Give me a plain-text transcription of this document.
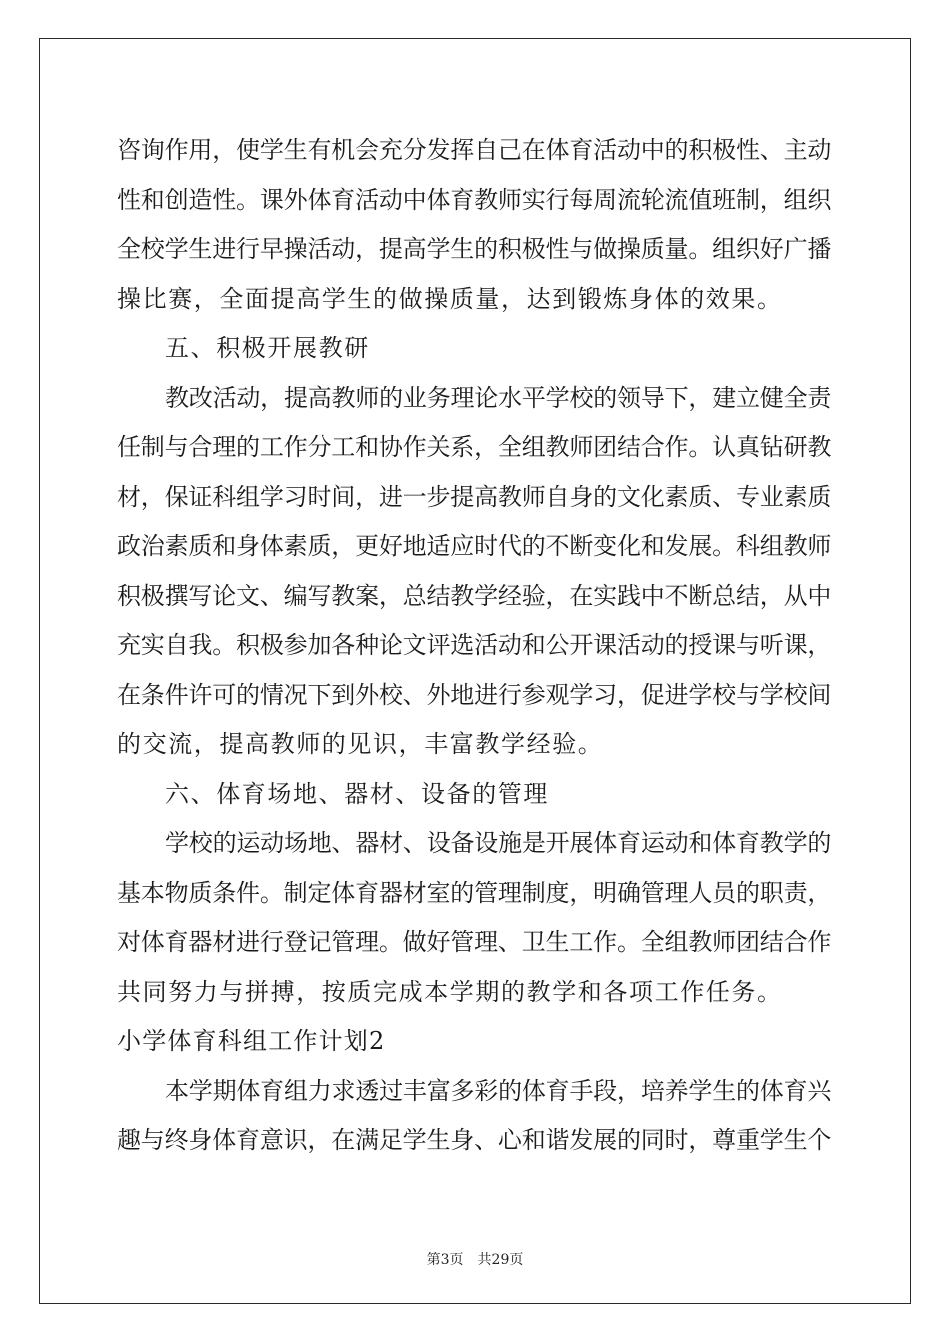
咨询作用，使学生有机会充分发挥自己在体育活动中的积极性、主动
性和创造性。课外体育活动中体育教师实行每周流轮流值班制，组织
全校学生进行早操活动，提高学生的积极性与做操质量。组织好广播
操比赛，全面提高学生的做操质量，达到锻炼身体的效果。
五、积极开展教研
教改活动，提高教师的业务理论水平学校的领导下，建立健全责
任制与合理的工作分工和协作关系，全组教师团结合作。认真钻研教
材，保证科组学习时间，进一步提高教师自身的文化素质、专业素质
政治素质和身体素质，更好地适应时代的不断变化和发展。科组教师
积极撰写论文、编写教案，总结教学经验，在实践中不断总结，从中
充实自我。积极参加各种论文评选活动和公开课活动的授课与听课，
在条件许可的情况下到外校、外地进行参观学习，促进学校与学校间
的交流，提高教师的见识，丰富教学经验。
六、体育场地、器材、设备的管理
学校的运动场地、器材、设备设施是开展体育运动和体育教学的
基本物质条件。制定体育器材室的管理制度，明确管理人员的职责，
对体育器材进行登记管理。做好管理、卫生工作。全组教师团结合作
共同努力与拼搏，按质完成本学期的教学和各项工作任务。
小学体育科组工作计划2
本学期体育组力求透过丰富多彩的体育手段，培养学生的体育兴
趣与终身体育意识，在满足学生身、心和谐发展的同时，尊重学生个
第3页 共29页
